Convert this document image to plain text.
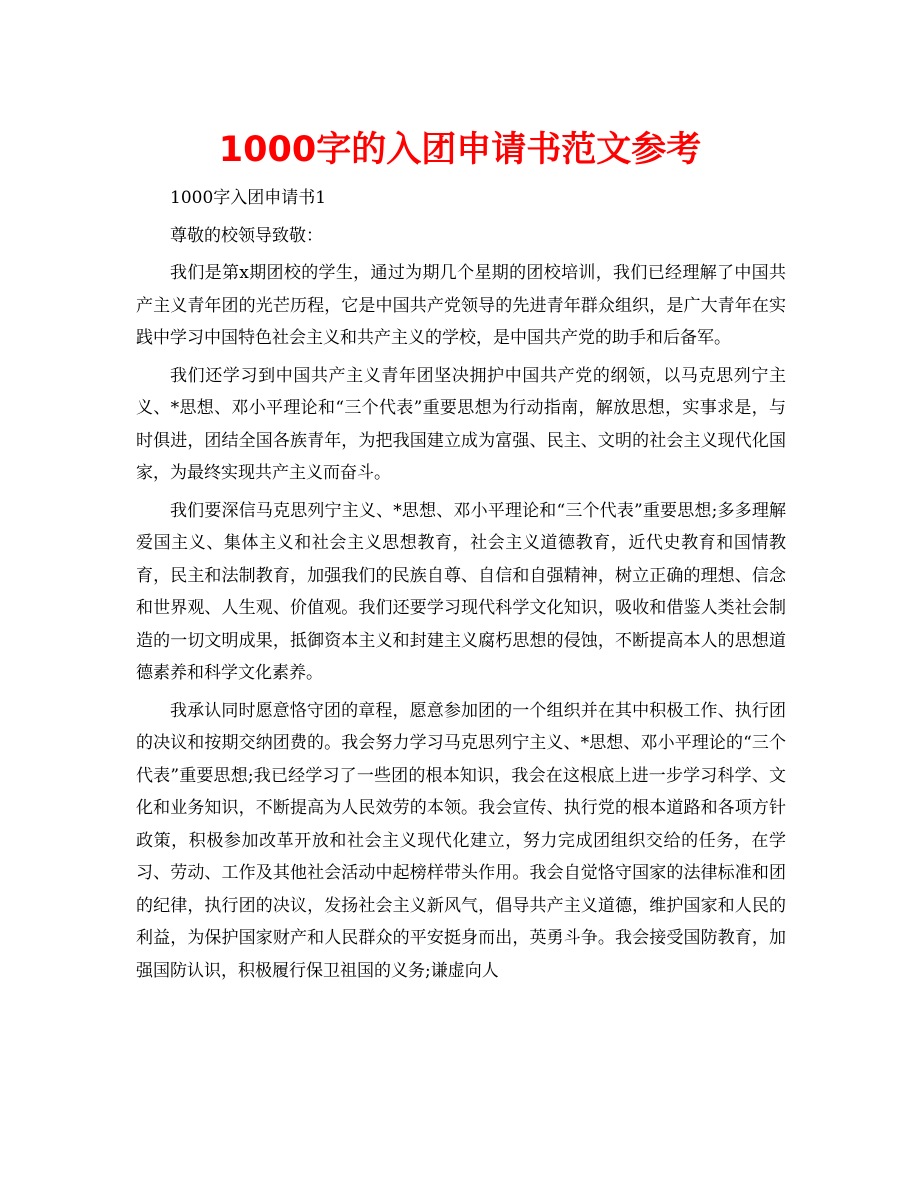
1000字的入团申请书范文参考

1000字入团申请书1

尊敬的校领导致敬：

我们是第x期团校的学生，通过为期几个星期的团校培训，我们已经理解了中国共产主义青年团的光芒历程，它是中国共产党领导的先进青年群众组织，是广大青年在实践中学习中国特色社会主义和共产主义的学校，是中国共产党的助手和后备军。

我们还学习到中国共产主义青年团坚决拥护中国共产党的纲领，以马克思列宁主义、*思想、邓小平理论和“三个代表”重要思想为行动指南，解放思想，实事求是，与时俱进，团结全国各族青年，为把我国建立成为富强、民主、文明的社会主义现代化国家，为最终实现共产主义而奋斗。

我们要深信马克思列宁主义、*思想、邓小平理论和“三个代表”重要思想;多多理解爱国主义、集体主义和社会主义思想教育，社会主义道德教育，近代史教育和国情教育，民主和法制教育，加强我们的民族自尊、自信和自强精神，树立正确的理想、信念和世界观、人生观、价值观。我们还要学习现代科学文化知识，吸收和借鉴人类社会制造的一切文明成果，抵御资本主义和封建主义腐朽思想的侵蚀，不断提高本人的思想道德素养和科学文化素养。

我承认同时愿意恪守团的章程，愿意参加团的一个组织并在其中积极工作、执行团的决议和按期交纳团费的。我会努力学习马克思列宁主义、*思想、邓小平理论的“三个代表”重要思想;我已经学习了一些团的根本知识，我会在这根底上进一步学习科学、文化和业务知识，不断提高为人民效劳的本领。我会宣传、执行党的根本道路和各项方针政策，积极参加改革开放和社会主义现代化建立，努力完成团组织交给的任务，在学习、劳动、工作及其他社会活动中起榜样带头作用。我会自觉恪守国家的法律标准和团的纪律，执行团的决议，发扬社会主义新风气，倡导共产主义道德，维护国家和人民的利益，为保护国家财产和人民群众的平安挺身而出，英勇斗争。我会接受国防教育，加强国防认识，积极履行保卫祖国的义务;谦虚向人
